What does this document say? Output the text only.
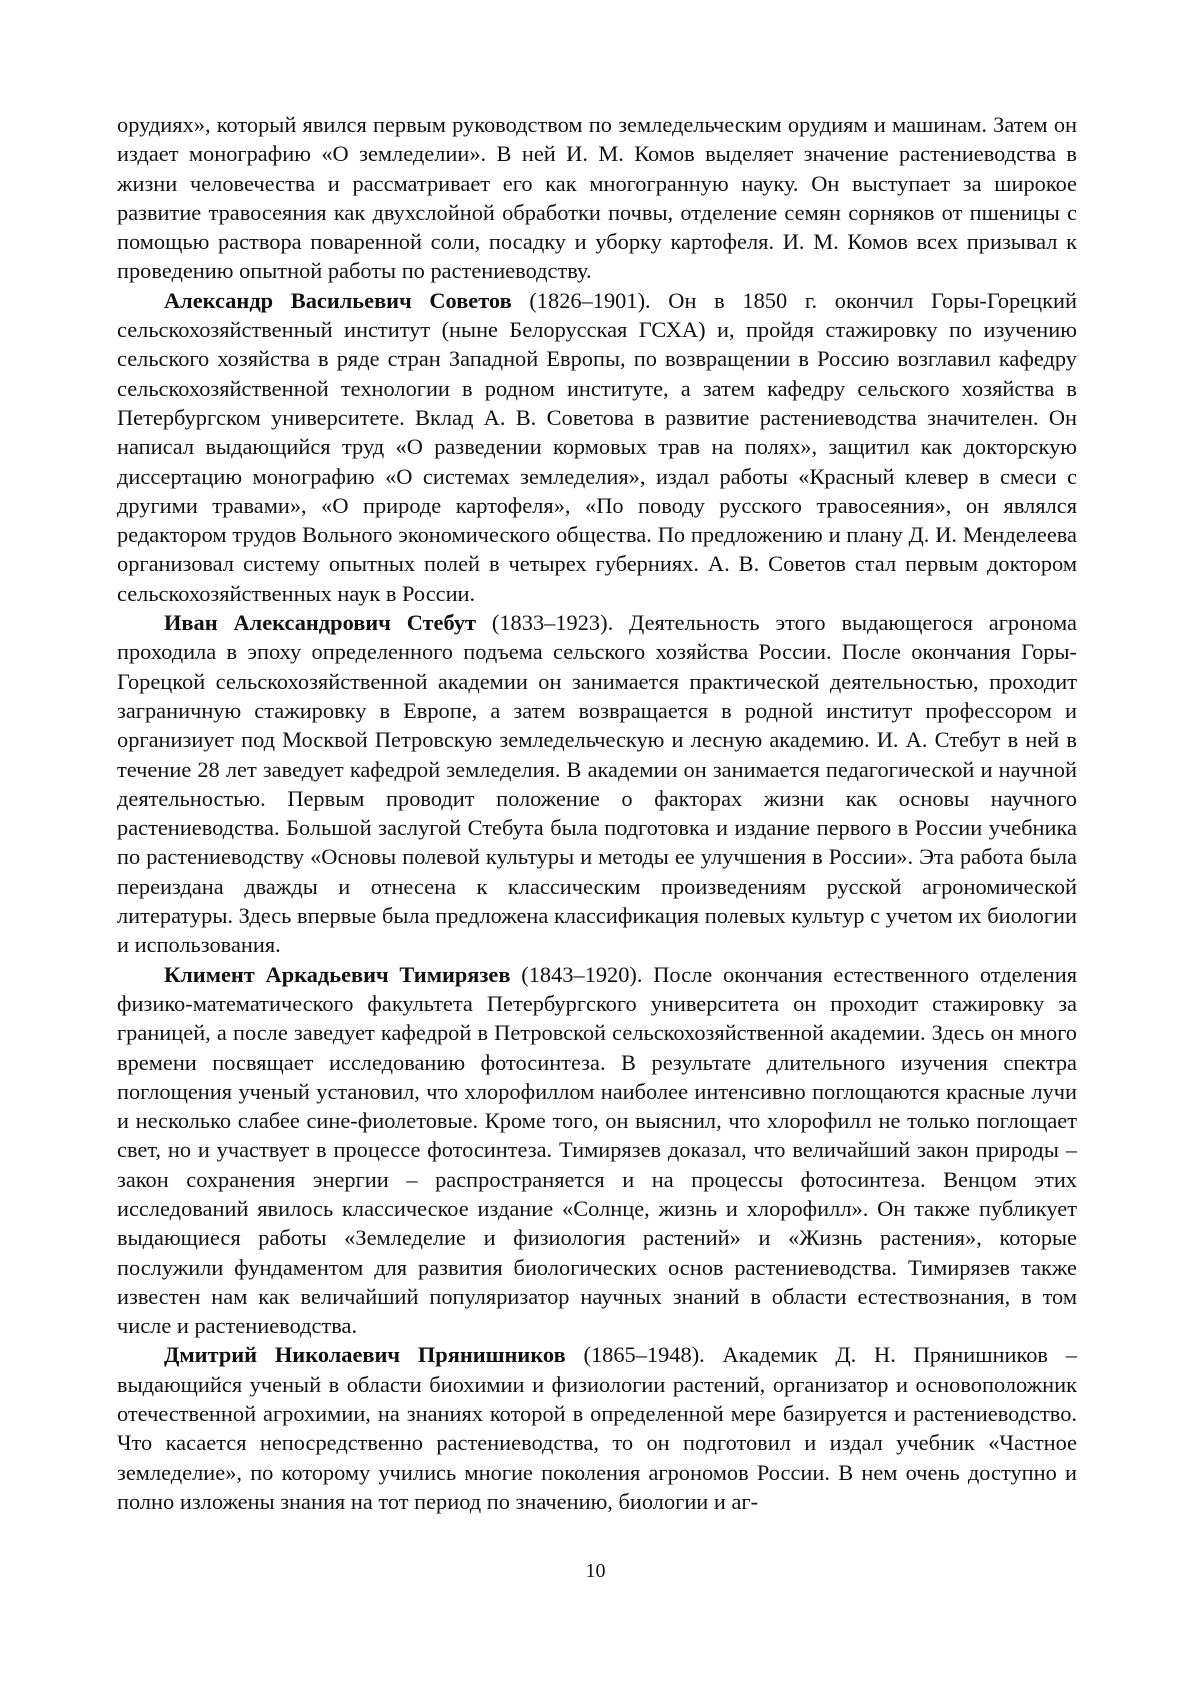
орудиях», который явился первым руководством по земледельческим орудиям и машинам. Затем он издает монографию «О земледелии». В ней И. М. Комов выделяет значение растениеводства в жизни человечества и рассматривает его как многогранную науку. Он выступает за широкое развитие травосеяния как двухслойной обработки почвы, отделение семян сорняков от пшеницы с помощью раствора поваренной соли, посадку и уборку картофеля. И. М. Комов всех призывал к проведению опытной работы по растениеводству.

Александр Васильевич Советов (1826–1901). Он в 1850 г. окончил Горы-Горецкий сельскохозяйственный институт (ныне Белорусская ГСХА) и, пройдя стажировку по изучению сельского хозяйства в ряде стран Западной Европы, по возвращении в Россию возглавил кафедру сельскохозяйственной технологии в родном институте, а затем кафедру сельского хозяйства в Петербургском университете. Вклад А. В. Советова в развитие растениеводства значителен. Он написал выдающийся труд «О разведении кормовых трав на полях», защитил как докторскую диссертацию монографию «О системах земледелия», издал работы «Красный клевер в смеси с другими травами», «О природе картофеля», «По поводу русского травосеяния», он являлся редактором трудов Вольного экономического общества. По предложению и плану Д. И. Менделеева организовал систему опытных полей в четырех губерниях. А. В. Советов стал первым доктором сельскохозяйственных наук в России.

Иван Александрович Стебут (1833–1923). Деятельность этого выдающегося агронома проходила в эпоху определенного подъема сельского хозяйства России. После окончания Горы-Горецкой сельскохозяйственной академии он занимается практической деятельностью, проходит заграничную стажировку в Европе, а затем возвращается в родной институт профессором и организиует под Москвой Петровскую земледельческую и лесную академию. И. А. Стебут в ней в течение 28 лет заведует кафедрой земледелия. В академии он занимается педагогической и научной деятельностью. Первым проводит положение о факторах жизни как основы научного растениеводства. Большой заслугой Стебута была подготовка и издание первого в России учебника по растениеводству «Основы полевой культуры и методы ее улучшения в России». Эта работа была переиздана дважды и отнесена к классическим произведениям русской агрономической литературы. Здесь впервые была предложена классификация полевых культур с учетом их биологии и использования.

Климент Аркадьевич Тимирязев (1843–1920). После окончания естественного отделения физико-математического факультета Петербургского университета он проходит стажировку за границей, а после заведует кафедрой в Петровской сельскохозяйственной академии. Здесь он много времени посвящает исследованию фотосинтеза. В результате длительного изучения спектра поглощения ученый установил, что хлорофиллом наиболее интенсивно поглощаются красные лучи и несколько слабее сине-фиолетовые. Кроме того, он выяснил, что хлорофилл не только поглощает свет, но и участвует в процессе фотосинтеза. Тимирязев доказал, что величайший закон природы – закон сохранения энергии – распространяется и на процессы фотосинтеза. Венцом этих исследований явилось классическое издание «Солнце, жизнь и хлорофилл». Он также публикует выдающиеся работы «Земледелие и физиология растений» и «Жизнь растения», которые послужили фундаментом для развития биологических основ растениеводства. Тимирязев также известен нам как величайший популяризатор научных знаний в области естествознания, в том числе и растениеводства.

Дмитрий Николаевич Прянишников (1865–1948). Академик Д. Н. Прянишников – выдающийся ученый в области биохимии и физиологии растений, организатор и основоположник отечественной агрохимии, на знаниях которой в определенной мере базируется и растениеводство. Что касается непосредственно растениеводства, то он подготовил и издал учебник «Частное земледелие», по которому учились многие поколения агрономов России. В нем очень доступно и полно изложены знания на тот период по значению, биологии и аг-

10
